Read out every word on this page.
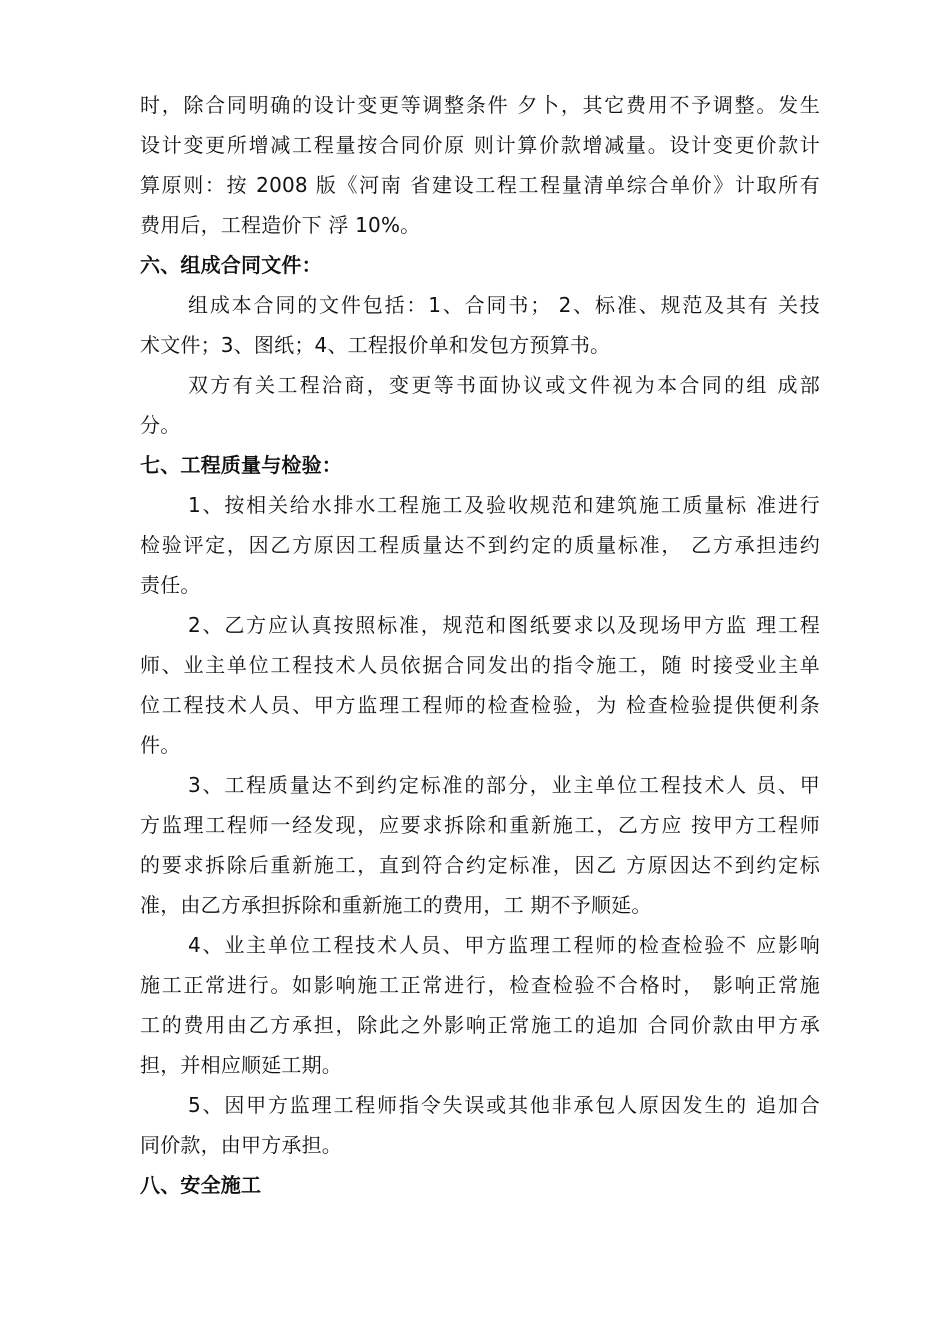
时，除合同明确的设计变更等调整条件 夕卜，其它费用不予调整。发生
设计变更所增减工程量按合同价原 则计算价款增减量。设计变更价款计
算原则：按 2008 版《河南 省建设工程工程量清单综合单价》计取所有
费用后，工程造价下 浮 10%。
六、组成合同文件：
组成本合同的文件包括：1、合同书； 2、标准、规范及其有 关技
术文件；3、图纸；4、工程报价单和发包方预算书。
双方有关工程洽商，变更等书面协议或文件视为本合同的组 成部
分。
七、工程质量与检验：
1、按相关给水排水工程施工及验收规范和建筑施工质量标 准进行
检验评定，因乙方原因工程质量达不到约定的质量标准， 乙方承担违约
责任。
2、乙方应认真按照标准，规范和图纸要求以及现场甲方监 理工程
师、业主单位工程技术人员依据合同发出的指令施工，随 时接受业主单
位工程技术人员、甲方监理工程师的检查检验，为 检查检验提供便利条
件。
3、工程质量达不到约定标准的部分，业主单位工程技术人 员、甲
方监理工程师一经发现，应要求拆除和重新施工，乙方应 按甲方工程师
的要求拆除后重新施工，直到符合约定标准，因乙 方原因达不到约定标
准，由乙方承担拆除和重新施工的费用，工 期不予顺延。
4、业主单位工程技术人员、甲方监理工程师的检查检验不 应影响
施工正常进行。如影响施工正常进行，检查检验不合格时， 影响正常施
工的费用由乙方承担，除此之外影响正常施工的追加 合同价款由甲方承
担，并相应顺延工期。
5、因甲方监理工程师指令失误或其他非承包人原因发生的 追加合
同价款，由甲方承担。
八、安全施工
